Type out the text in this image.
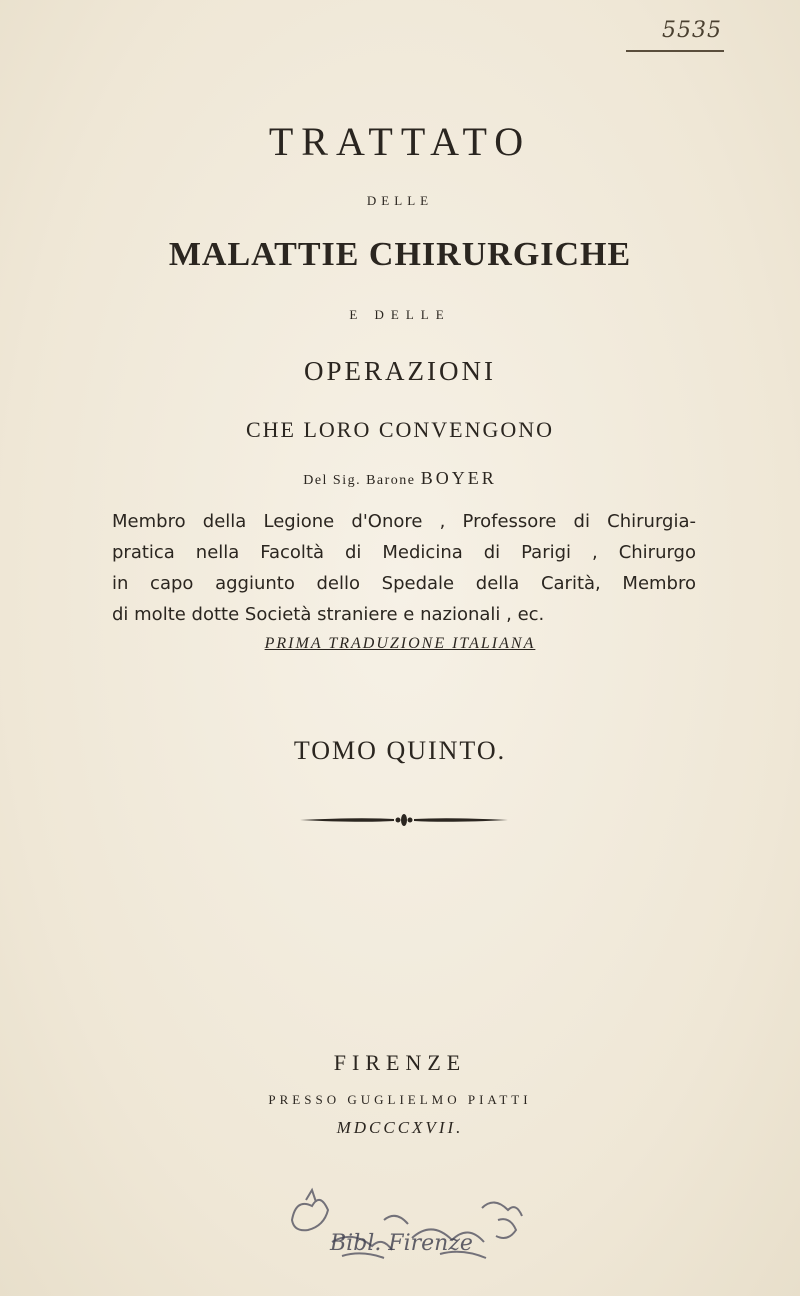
5535
TRATTATO
DELLE
MALATTIE CHIRURGICHE
E DELLE
OPERAZIONI
CHE LORO CONVENGONO
Del Sig. Barone BOYER
Membro della Legione d'Onore , Professore di Chirurgia-
pratica nella Facoltà di Medicina di Parigi , Chirurgo
in capo aggiunto dello Spedale della Carità, Membro
di molte dotte Società straniere e nazionali , ec.
PRIMA TRADUZIONE ITALIANA
TOMO QUINTO.
FIRENZE
PRESSO GUGLIELMO PIATTI
MDCCCXVII.
Bibl. Firenze
